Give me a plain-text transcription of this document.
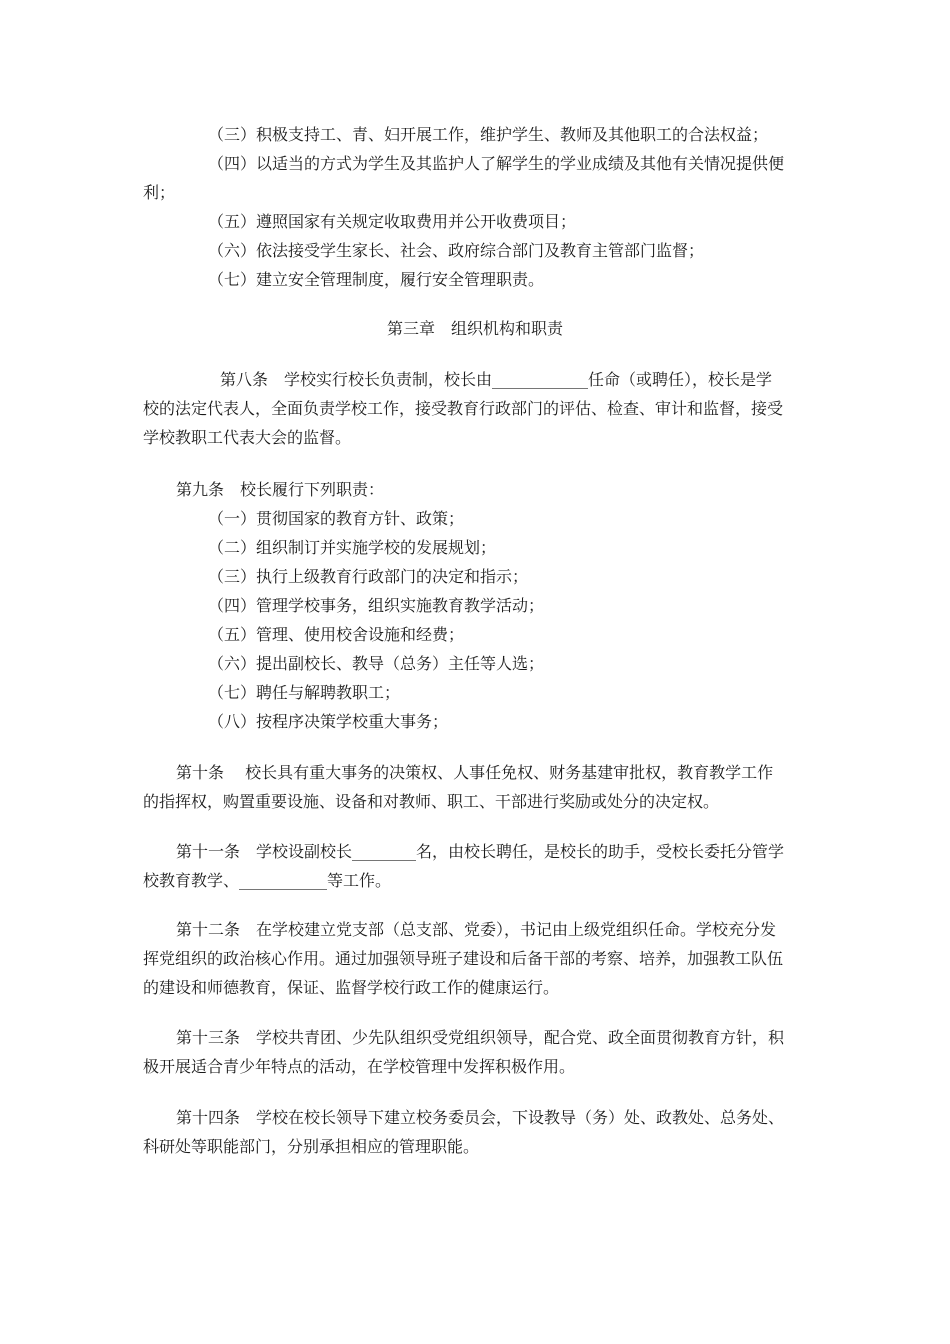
（三）积极支持工、青、妇开展工作，维护学生、教师及其他职工的合法权益；
（四）以适当的方式为学生及其监护人了解学生的学业成绩及其他有关情况提供便
利；
（五）遵照国家有关规定收取费用并公开收费项目；
（六）依法接受学生家长、社会、政府综合部门及教育主管部门监督；
（七）建立安全管理制度，履行安全管理职责。
第三章　组织机构和职责
第八条　学校实行校长负责制，校长由____________任命（或聘任），校长是学
校的法定代表人，全面负责学校工作，接受教育行政部门的评估、检查、审计和监督，接受
学校教职工代表大会的监督。
第九条　校长履行下列职责：
（一）贯彻国家的教育方针、政策；
（二）组织制订并实施学校的发展规划；
（三）执行上级教育行政部门的决定和指示；
（四）管理学校事务，组织实施教育教学活动；
（五）管理、使用校舍设施和经费；
（六）提出副校长、教导（总务）主任等人选；
（七）聘任与解聘教职工；
（八）按程序决策学校重大事务；
第十条　 校长具有重大事务的决策权、人事任免权、财务基建审批权，教育教学工作
的指挥权，购置重要设施、设备和对教师、职工、干部进行奖励或处分的决定权。
第十一条　学校设副校长________名，由校长聘任，是校长的助手，受校长委托分管学
校教育教学、___________等工作。
第十二条　在学校建立党支部（总支部、党委），书记由上级党组织任命。学校充分发
挥党组织的政治核心作用。通过加强领导班子建设和后备干部的考察、培养，加强教工队伍
的建设和师德教育，保证、监督学校行政工作的健康运行。
第十三条　学校共青团、少先队组织受党组织领导，配合党、政全面贯彻教育方针，积
极开展适合青少年特点的活动，在学校管理中发挥积极作用。
第十四条　学校在校长领导下建立校务委员会，下设教导（务）处、政教处、总务处、
科研处等职能部门，分别承担相应的管理职能。
